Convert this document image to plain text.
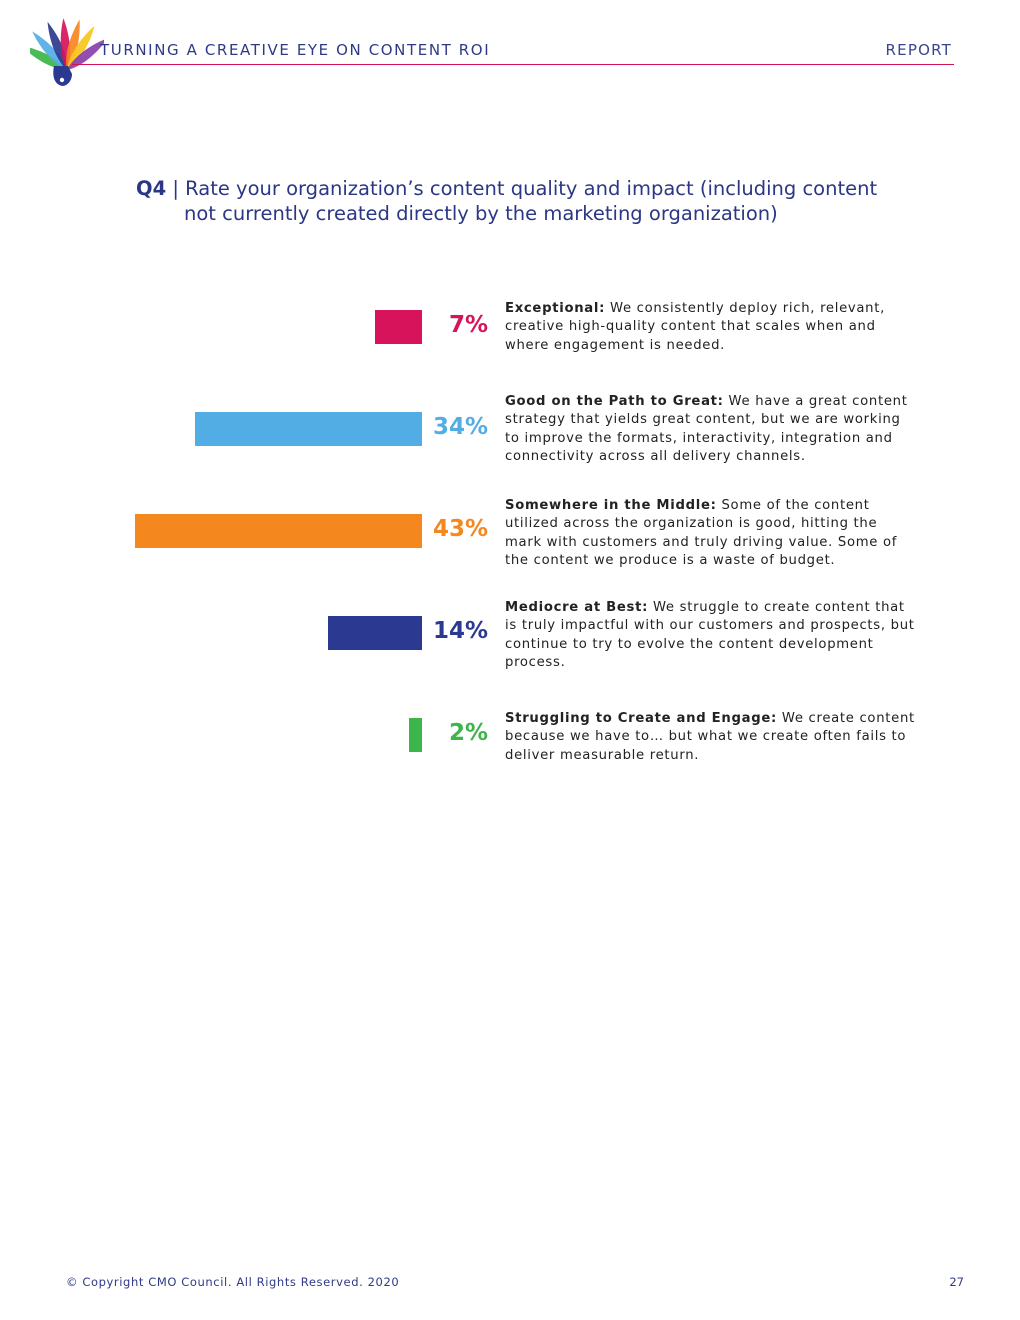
TURNING A CREATIVE EYE ON CONTENT ROI	REPORT
Q4 | Rate your organization’s content quality and impact (including content
not currently created directly by the marketing organization)
7%
Exceptional: We consistently deploy rich, relevant, creative high-quality content that scales when and where engagement is needed.
34%
Good on the Path to Great: We have a great content strategy that yields great content, but we are working to improve the formats, interactivity, integration and connectivity across all delivery channels.
43%
Somewhere in the Middle: Some of the content utilized across the organization is good, hitting the mark with customers and truly driving value. Some of the content we produce is a waste of budget.
14%
Mediocre at Best: We struggle to create content that is truly impactful with our customers and prospects, but continue to try to evolve the content development process.
2%
Struggling to Create and Engage: We create content because we have to… but what we create often fails to deliver measurable return.
© Copyright CMO Council. All Rights Reserved. 2020	27
